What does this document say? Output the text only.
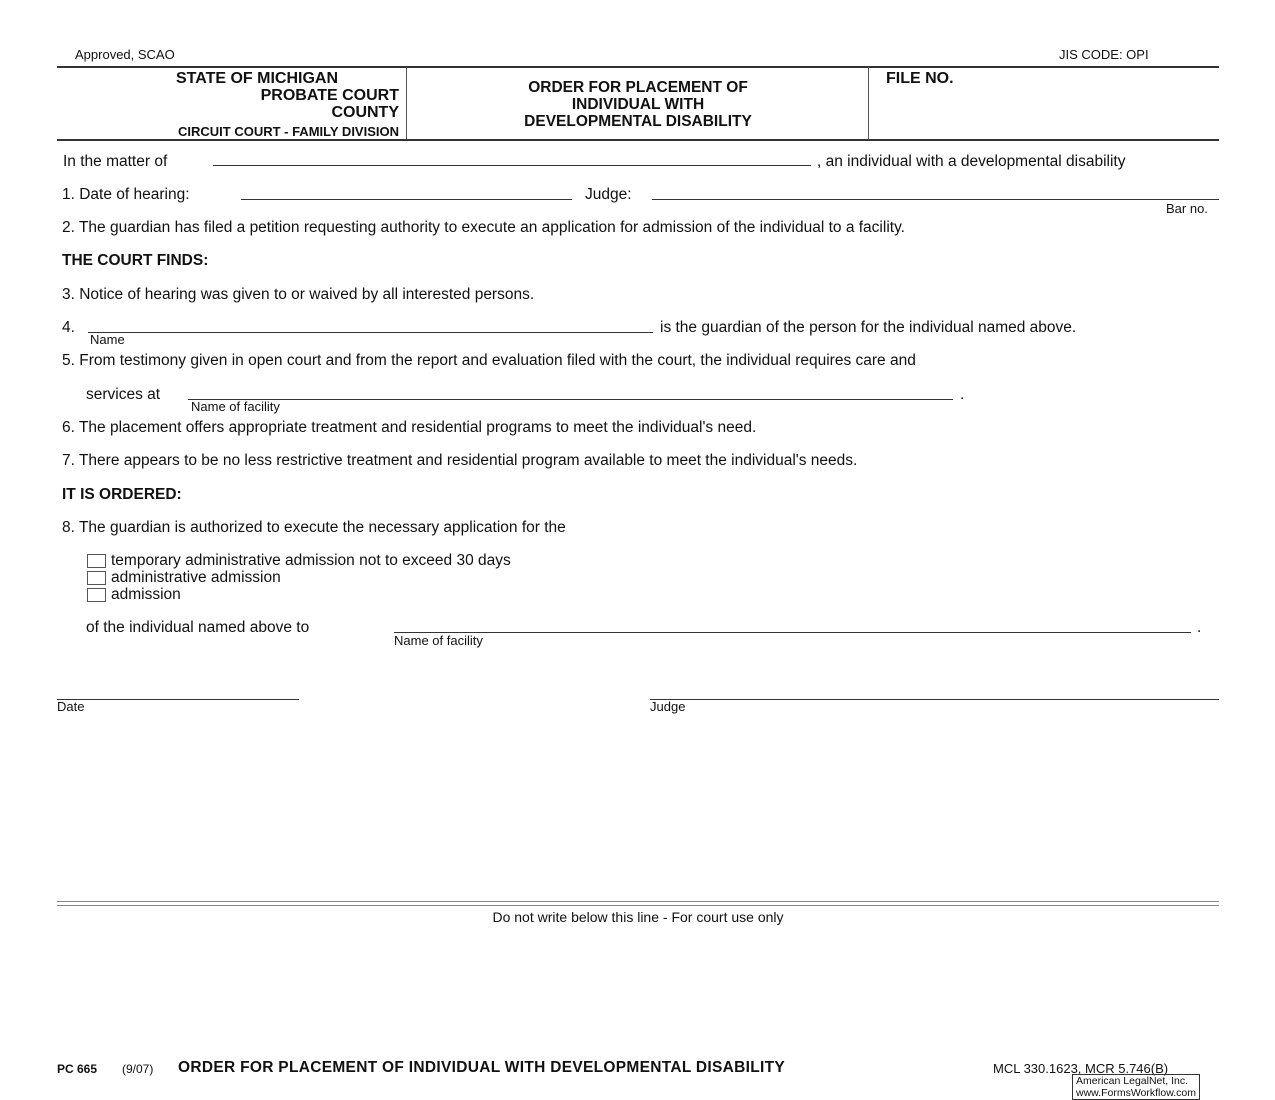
Approved, SCAO	JIS CODE: OPI
STATE OF MICHIGAN
PROBATE COURT
COUNTY
CIRCUIT COURT - FAMILY DIVISION
ORDER FOR PLACEMENT OF
INDIVIDUAL WITH
DEVELOPMENTAL DISABILITY
FILE NO.
In the matter of	, an individual with a developmental disability
1. Date of hearing:	Judge:
Bar no.
2. The guardian has filed a petition requesting authority to execute an application for admission of the individual to a facility.
THE COURT FINDS:
3. Notice of hearing was given to or waived by all interested persons.
4.	is the guardian of the person for the individual named above.
Name
5. From testimony given in open court and from the report and evaluation filed with the court, the individual requires care and
services at	.
Name of facility
6. The placement offers appropriate treatment and residential programs to meet the individual's need.
7. There appears to be no less restrictive treatment and residential program available to meet the individual's needs.
IT IS ORDERED:
8. The guardian is authorized to execute the necessary application for the
temporary administrative admission not to exceed 30 days
administrative admission
admission
of the individual named above to	.
Name of facility
Date	Judge
Do not write below this line - For court use only
PC 665 (9/07) ORDER FOR PLACEMENT OF INDIVIDUAL WITH DEVELOPMENTAL DISABILITY	MCL 330.1623, MCR 5.746(B)
American LegalNet, Inc.
www.FormsWorkflow.com
